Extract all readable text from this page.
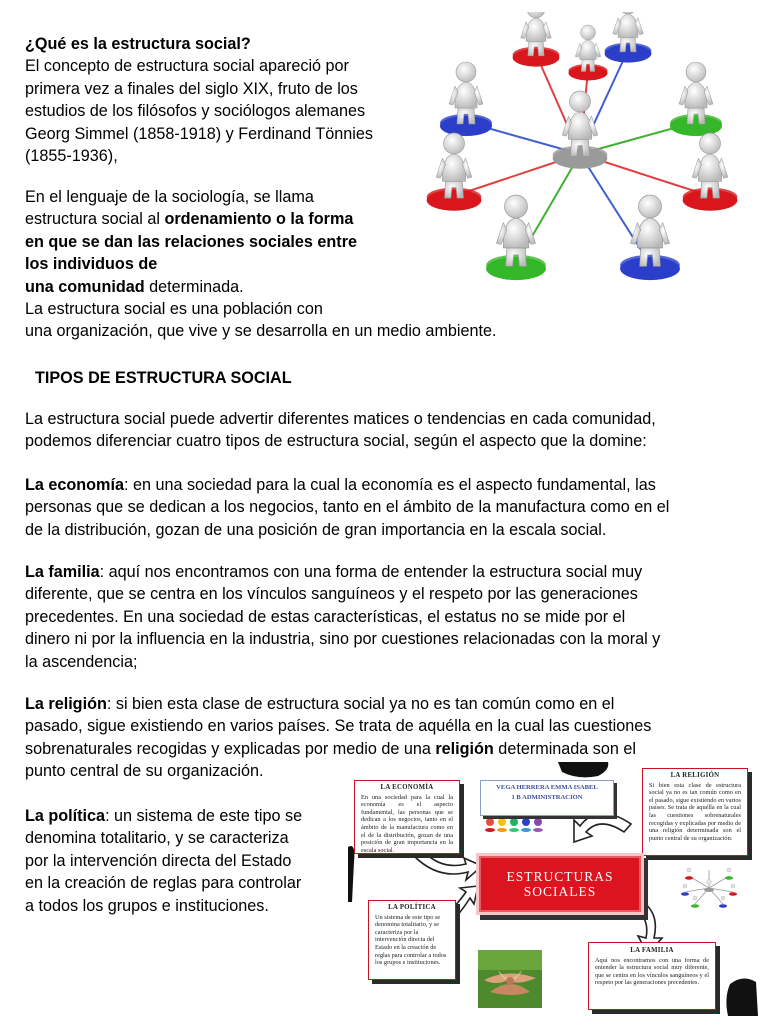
¿Qué es la estructura social?

El concepto de estructura social apareció por

primera vez a finales del siglo XIX, fruto de los

estudios de los filósofos y sociólogos alemanes

Georg Simmel (1858-1918) y Ferdinand Tönnies

(1855-1936),

En el lenguaje de la sociología, se llama

estructura social al ordenamiento o la forma

en que se dan las relaciones sociales entre

los individuos de

una comunidad determinada.

La estructura social es una población con

una organización, que vive y se desarrolla en un medio ambiente.

TIPOS DE ESTRUCTURA SOCIAL

La estructura social puede advertir diferentes matices o tendencias en cada comunidad,

podemos diferenciar cuatro tipos de estructura social, según el aspecto que la domine:

La economía: en una sociedad para la cual la economía es el aspecto fundamental, las

personas que se dedican a los negocios, tanto en el ámbito de la manufactura como en el

de la distribución, gozan de una posición de gran importancia en la escala social.

La familia: aquí nos encontramos con una forma de entender la estructura social muy

diferente, que se centra en los vínculos sanguíneos y el respeto por las generaciones

precedentes. En una sociedad de estas características, el estatus no se mide por el

dinero ni por la influencia en la industria, sino por cuestiones relacionadas con la moral y

la ascendencia;

La religión: si bien esta clase de estructura social ya no es tan común como en el

pasado, sigue existiendo en varios países. Se trata de aquélla en la cual las cuestiones

sobrenaturales recogidas y explicadas por medio de una religión determinada son el

punto central de su organización.

La política: un sistema de este tipo se

denomina totalitario, y se caracteriza

por la intervención directa del Estado

en la creación de reglas para controlar

a todos los grupos e instituciones.

LA ECONOMÍA
En una sociedad para la cual la economía es el aspecto fundamental, las personas que se dedican a los negocios, tanto en el ámbito de la manufactura como en el de la distribución, gozan de una posición de gran importancia en la escala social.
VEGA HERRERA EMMA ISABEL
1 B ADMINISTRACION
LA RELIGIÓN
Si bien esta clase de estructura social ya no es tan común como en el pasado, sigue existiendo en varios países. Se trata de aquélla en la cual las cuestiones sobrenaturales recogidas y explicadas por medio de una religión determinada son el punto central de su organización.
ESTRUCTURAS
SOCIALES
LA POLÍTICA
Un sistema de este tipo se denomina totalitario, y se caracteriza por la intervención directa del Estado en la creación de reglas para controlar a todos los grupos e instituciones.
LA FAMILIA
Aquí nos encontramos con una forma de entender la estructura social muy diferente, que se centra en los vínculos sanguíneos y el respeto por las generaciones precedentes.
